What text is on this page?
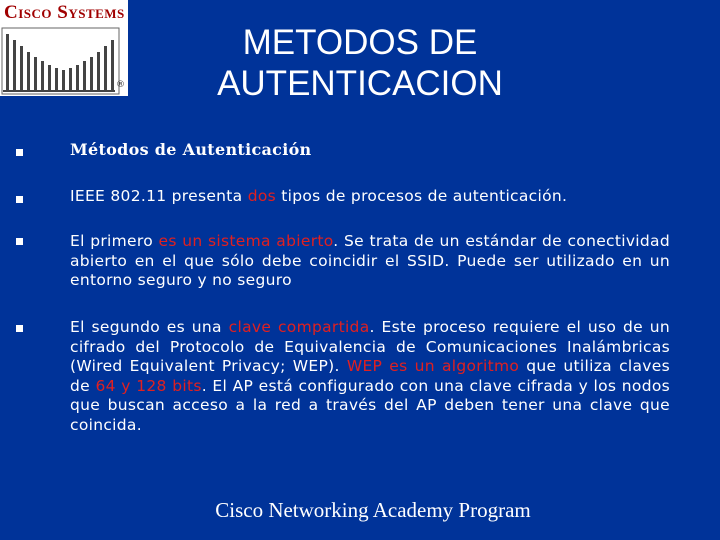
Cisco Systems
®
METODOS DE
AUTENTICACION
Métodos de Autenticación
IEEE 802.11 presenta dos tipos de procesos de autenticación.
El primero es un sistema abierto. Se trata de un estándar de conectividad abierto en el que sólo debe coincidir el SSID. Puede ser utilizado en un entorno seguro y no seguro
El segundo es una clave compartida. Este proceso requiere el uso de un cifrado del Protocolo de Equivalencia de Comunicaciones Inalámbricas (Wired Equivalent Privacy; WEP). WEP es un algoritmo que utiliza claves de 64 y 128 bits. El AP está configurado con una clave cifrada y los nodos que buscan acceso a la red a través del AP deben tener una clave que coincida.
Cisco Networking Academy Program
